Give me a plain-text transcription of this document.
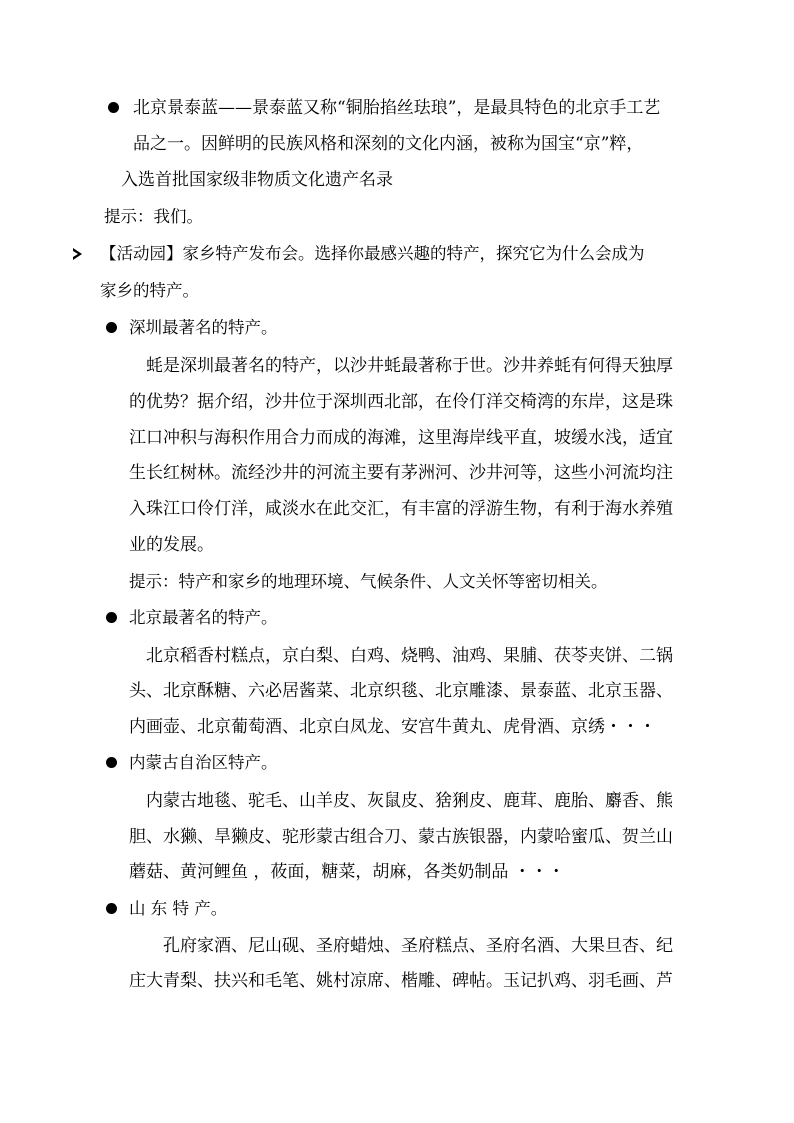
北京景泰蓝——景泰蓝又称“铜胎掐丝珐琅”，是最具特色的北京手工艺
品之一。因鲜明的民族风格和深刻的文化内涵，被称为国宝“京”粹，
入选首批国家级非物质文化遗产名录
提示：我们。
【活动园】家乡特产发布会。选择你最感兴趣的特产，探究它为什么会成为
家乡的特产。
深圳最著名的特产。
蚝是深圳最著名的特产，以沙井蚝最著称于世。沙井养蚝有何得天独厚
的优势？据介绍，沙井位于深圳西北部，在伶仃洋交椅湾的东岸，这是珠
江口冲积与海积作用合力而成的海滩，这里海岸线平直，坡缓水浅，适宜
生长红树林。流经沙井的河流主要有茅洲河、沙井河等，这些小河流均注
入珠江口伶仃洋，咸淡水在此交汇，有丰富的浮游生物，有利于海水养殖
业的发展。
提示：特产和家乡的地理环境、气候条件、人文关怀等密切相关。
北京最著名的特产。
北京稻香村糕点，京白梨、白鸡、烧鸭、油鸡、果脯、茯苓夹饼、二锅
头、北京酥糖、六必居酱菜、北京织毯、北京雕漆、景泰蓝、北京玉器、
内画壶、北京葡萄酒、北京白凤龙、安宫牛黄丸、虎骨酒、京绣・・・
内蒙古自治区特产。
内蒙古地毯、驼毛、山羊皮、灰鼠皮、猞猁皮、鹿茸、鹿胎、麝香、熊
胆、水獭、旱獭皮、驼形蒙古组合刀、蒙古族银器，内蒙哈蜜瓜、贺兰山
蘑菇、黄河鲤鱼 ，莜面，糖菜，胡麻，各类奶制品 ・・・
山 东 特 产。
孔府家酒、尼山砚、圣府蜡烛、圣府糕点、圣府名酒、大果旦杏、纪
庄大青梨、扶兴和毛笔、姚村凉席、楷雕、碑帖。玉记扒鸡、羽毛画、芦
